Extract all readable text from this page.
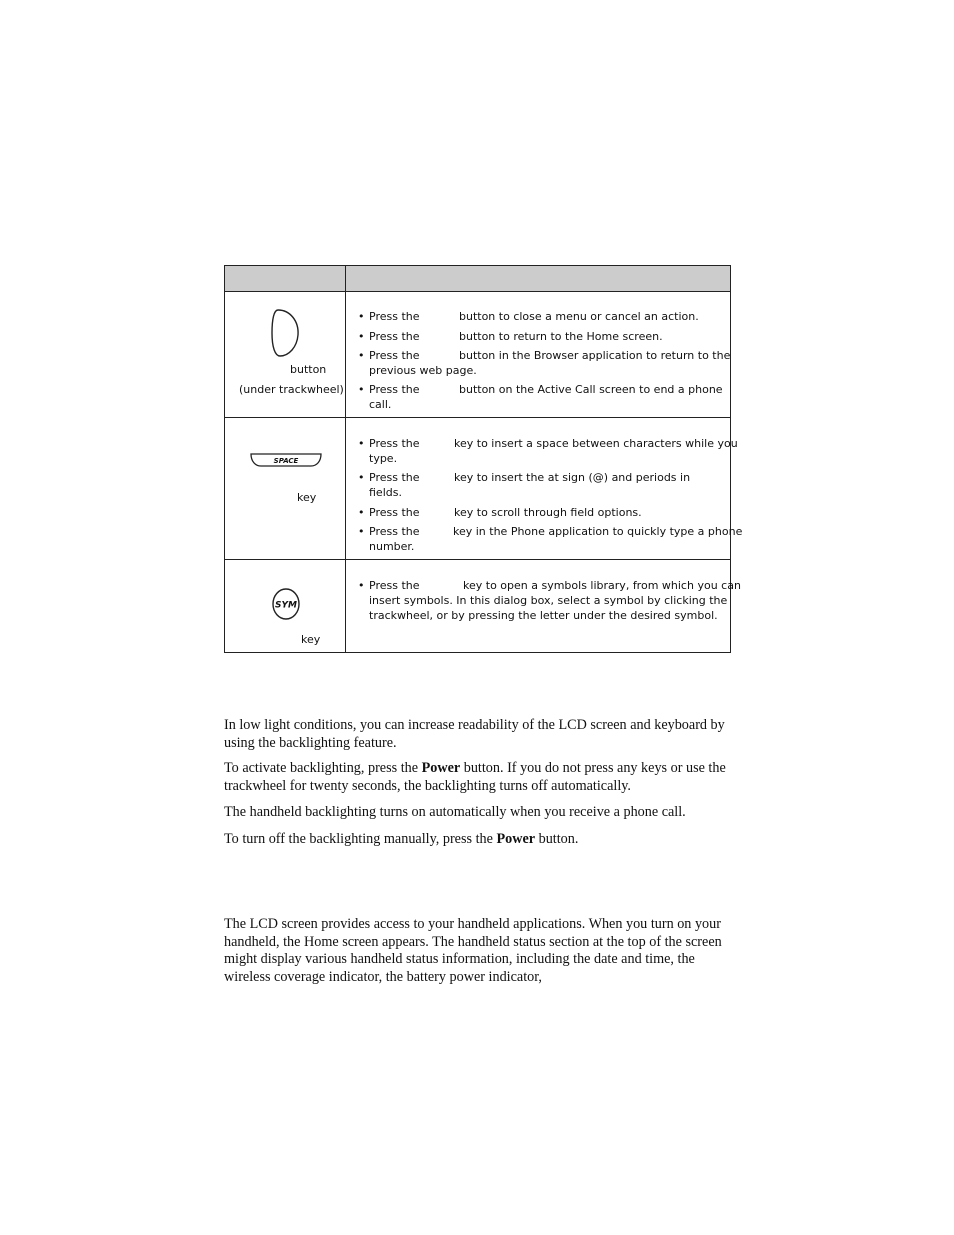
button
(under trackwheel)
• Press the	button to close a menu or cancel an action.
• Press the	button to return to the Home screen.
• Press the	button in the Browser application to return to the
previous web page.
• Press the	button on the Active Call screen to end a phone
call.
SPACE
key
• Press the	key to insert a space between characters while you
type.
• Press the	key to insert the at sign (@) and periods in
fields.
• Press the	key to scroll through field options.
• Press the	key in the Phone application to quickly type a phone
number.
SYM
key
• Press the	key to open a symbols library, from which you can
insert symbols. In this dialog box, select a symbol by clicking the
trackwheel, or by pressing the letter under the desired symbol.
In low light conditions, you can increase readability of the LCD screen and keyboard by using the backlighting feature.
To activate backlighting, press the Power button. If you do not press any keys or use the trackwheel for twenty seconds, the backlighting turns off automatically.
The handheld backlighting turns on automatically when you receive a phone call.
To turn off the backlighting manually, press the Power button.
The LCD screen provides access to your handheld applications. When you turn on your handheld, the Home screen appears. The handheld status section at the top of the screen might display various handheld status information, including the date and time, the wireless coverage indicator, the battery power indicator,
